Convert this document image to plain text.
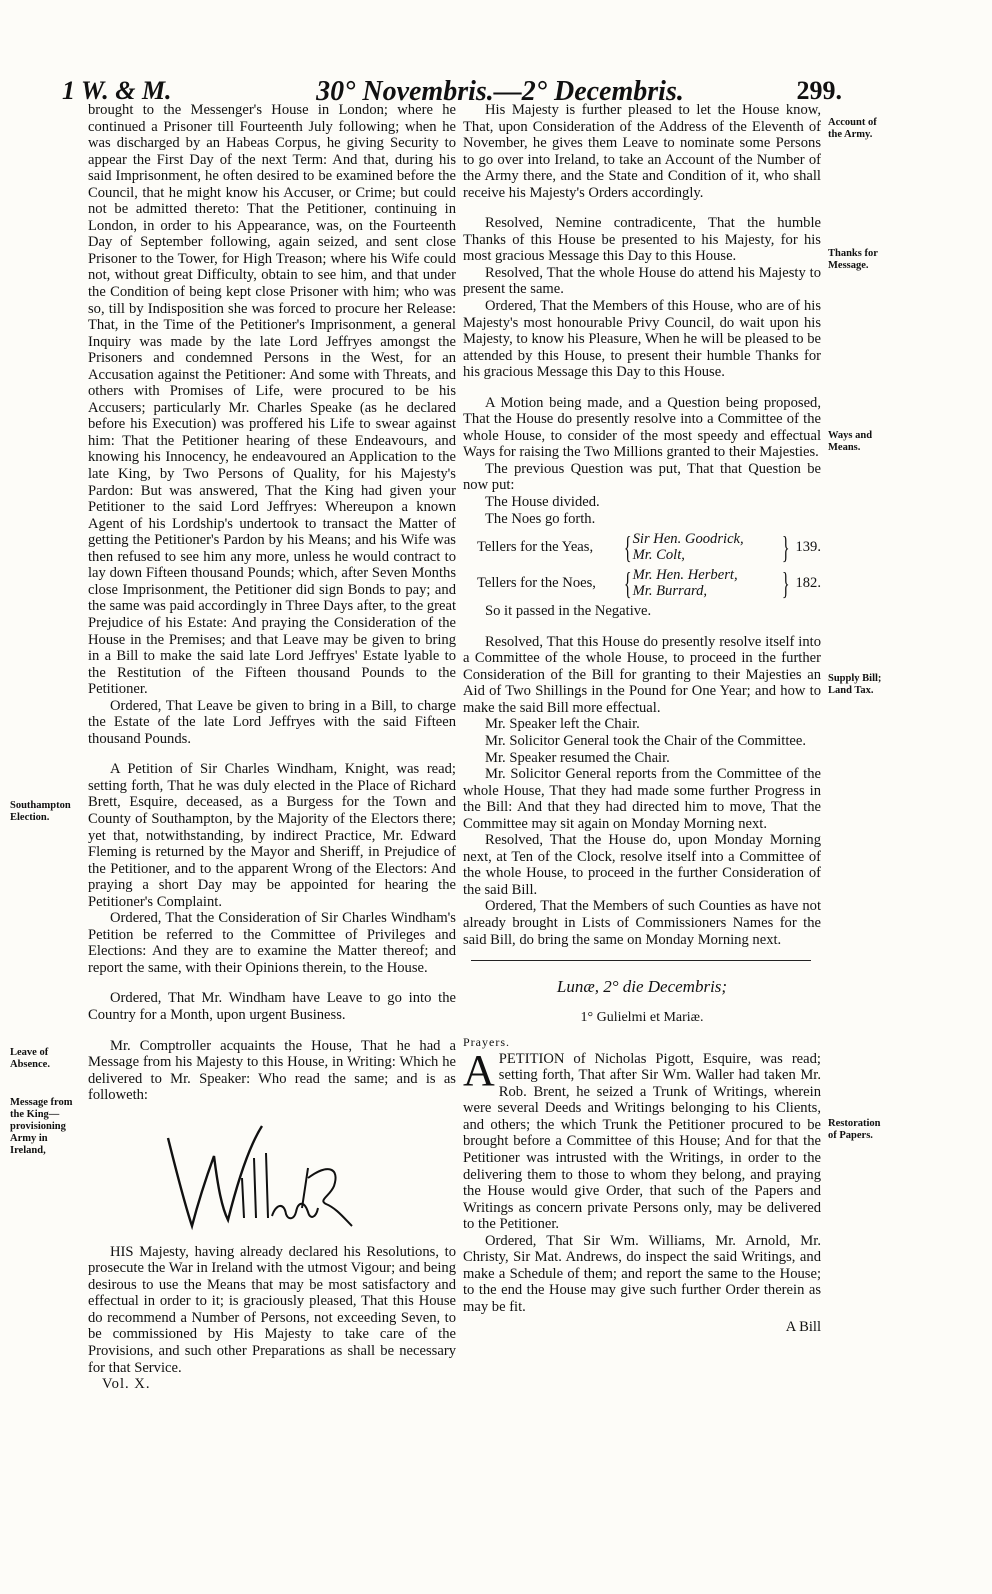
1 W. & M.	30° Novembris.—2° Decembris.	299.
Southampton Election.
Leave of Absence.
Message from the King—provisioning Army in Ireland,
Account of the Army.
Thanks for Message.
Ways and Means.
Supply Bill; Land Tax.
Restoration of Papers.

brought to the Messenger's House in London; where he continued a Prisoner till Fourteenth July following; when he was discharged by an Habeas Corpus, he giving Security to appear the First Day of the next Term: And that, during his said Imprisonment, he often desired to be examined before the Council, that he might know his Accuser, or Crime; but could not be admitted thereto: That the Petitioner, continuing in London, in order to his Appearance, was, on the Fourteenth Day of September following, again seized, and sent close Prisoner to the Tower, for High Treason; where his Wife could not, without great Difficulty, obtain to see him, and that under the Condition of being kept close Prisoner with him; who was so, till by Indisposition she was forced to procure her Release: That, in the Time of the Petitioner's Imprisonment, a general Inquiry was made by the late Lord Jeffryes amongst the Prisoners and condemned Persons in the West, for an Accusation against the Petitioner: And some with Threats, and others with Promises of Life, were procured to be his Accusers; particularly Mr. Charles Speake (as he declared before his Execution) was proffered his Life to swear against him: That the Petitioner hearing of these Endeavours, and knowing his Innocency, he endeavoured an Application to the late King, by Two Persons of Quality, for his Majesty's Pardon: But was answered, That the King had given your Petitioner to the said Lord Jeffryes: Whereupon a known Agent of his Lordship's undertook to transact the Matter of getting the Petitioner's Pardon by his Means; and his Wife was then refused to see him any more, unless he would contract to lay down Fifteen thousand Pounds; which, after Seven Months close Imprisonment, the Petitioner did sign Bonds to pay; and the same was paid accordingly in Three Days after, to the great Prejudice of his Estate: And praying the Consideration of the House in the Premises; and that Leave may be given to bring in a Bill to make the said late Lord Jeffryes' Estate lyable to the Restitution of the Fifteen thousand Pounds to the Petitioner.

Ordered, That Leave be given to bring in a Bill, to charge the Estate of the late Lord Jeffryes with the said Fifteen thousand Pounds.

A Petition of Sir Charles Windham, Knight, was read; setting forth, That he was duly elected in the Place of Richard Brett, Esquire, deceased, as a Burgess for the Town and County of Southampton, by the Majority of the Electors there; yet that, notwithstanding, by indirect Practice, Mr. Edward Fleming is returned by the Mayor and Sheriff, in Prejudice of the Petitioner, and to the apparent Wrong of the Electors: And praying a short Day may be appointed for hearing the Petitioner's Complaint.

Ordered, That the Consideration of Sir Charles Windham's Petition be referred to the Committee of Privileges and Elections: And they are to examine the Matter thereof; and report the same, with their Opinions therein, to the House.

Ordered, That Mr. Windham have Leave to go into the Country for a Month, upon urgent Business.

Mr. Comptroller acquaints the House, That he had a Message from his Majesty to this House, in Writing: Which he delivered to Mr. Speaker: Who read the same; and is as followeth:

HIS Majesty, having already declared his Resolutions, to prosecute the War in Ireland with the utmost Vigour; and being desirous to use the Means that may be most satisfactory and effectual in order to it; is graciously pleased, That this House do recommend a Number of Persons, not exceeding Seven, to be commissioned by His Majesty to take care of the Provisions, and such other Preparations as shall be necessary for that Service.

Vol. X.

His Majesty is further pleased to let the House know, That, upon Consideration of the Address of the Eleventh of November, he gives them Leave to nominate some Persons to go over into Ireland, to take an Account of the Number of the Army there, and the State and Condition of it, who shall receive his Majesty's Orders accordingly.

Resolved, Nemine contradicente, That the humble Thanks of this House be presented to his Majesty, for his most gracious Message this Day to this House.

Resolved, That the whole House do attend his Majesty to present the same.

Ordered, That the Members of this House, who are of his Majesty's most honourable Privy Council, do wait upon his Majesty, to know his Pleasure, When he will be pleased to be attended by this House, to present their humble Thanks for his gracious Message this Day to this House.

A Motion being made, and a Question being proposed, That the House do presently resolve into a Committee of the whole House, to consider of the most speedy and effectual Ways for raising the Two Millions granted to their Majesties.

The previous Question was put, That that Question be now put:

The House divided.

The Noes go forth.

Tellers for the Yeas, { Sir Hen. Goodrick,
Mr. Colt,	} 139.
Tellers for the Noes, { Mr. Hen. Herbert,
Mr. Burrard,	} 182.

So it passed in the Negative.

Resolved, That this House do presently resolve itself into a Committee of the whole House, to proceed in the further Consideration of the Bill for granting to their Majesties an Aid of Two Shillings in the Pound for One Year; and how to make the said Bill more effectual.

Mr. Speaker left the Chair.

Mr. Solicitor General took the Chair of the Committee.

Mr. Speaker resumed the Chair.

Mr. Solicitor General reports from the Committee of the whole House, That they had made some further Progress in the Bill: And that they had directed him to move, That the Committee may sit again on Monday Morning next.

Resolved, That the House do, upon Monday Morning next, at Ten of the Clock, resolve itself into a Committee of the whole House, to proceed in the further Consideration of the said Bill.

Ordered, That the Members of such Counties as have not already brought in Lists of Commissioners Names for the said Bill, do bring the same on Monday Morning next.

Lunæ, 2° die Decembris;
1° Gulielmi et Mariæ.
Prayers.

APETITION of Nicholas Pigott, Esquire, was read; setting forth, That after Sir Wm. Waller had taken Mr. Rob. Brent, he seized a Trunk of Writings, wherein were several Deeds and Writings belonging to his Clients, and others; the which Trunk the Petitioner procured to be brought before a Committee of this House; And for that the Petitioner was intrusted with the Writings, in order to the delivering them to those to whom they belong, and praying the House would give Order, that such of the Papers and Writings as concern private Persons only, may be delivered to the Petitioner.

Ordered, That Sir Wm. Williams, Mr. Arnold, Mr. Christy, Sir Mat. Andrews, do inspect the said Writings, and make a Schedule of them; and report the same to the House; to the end the House may give such further Order therein as may be fit.

A Bill
